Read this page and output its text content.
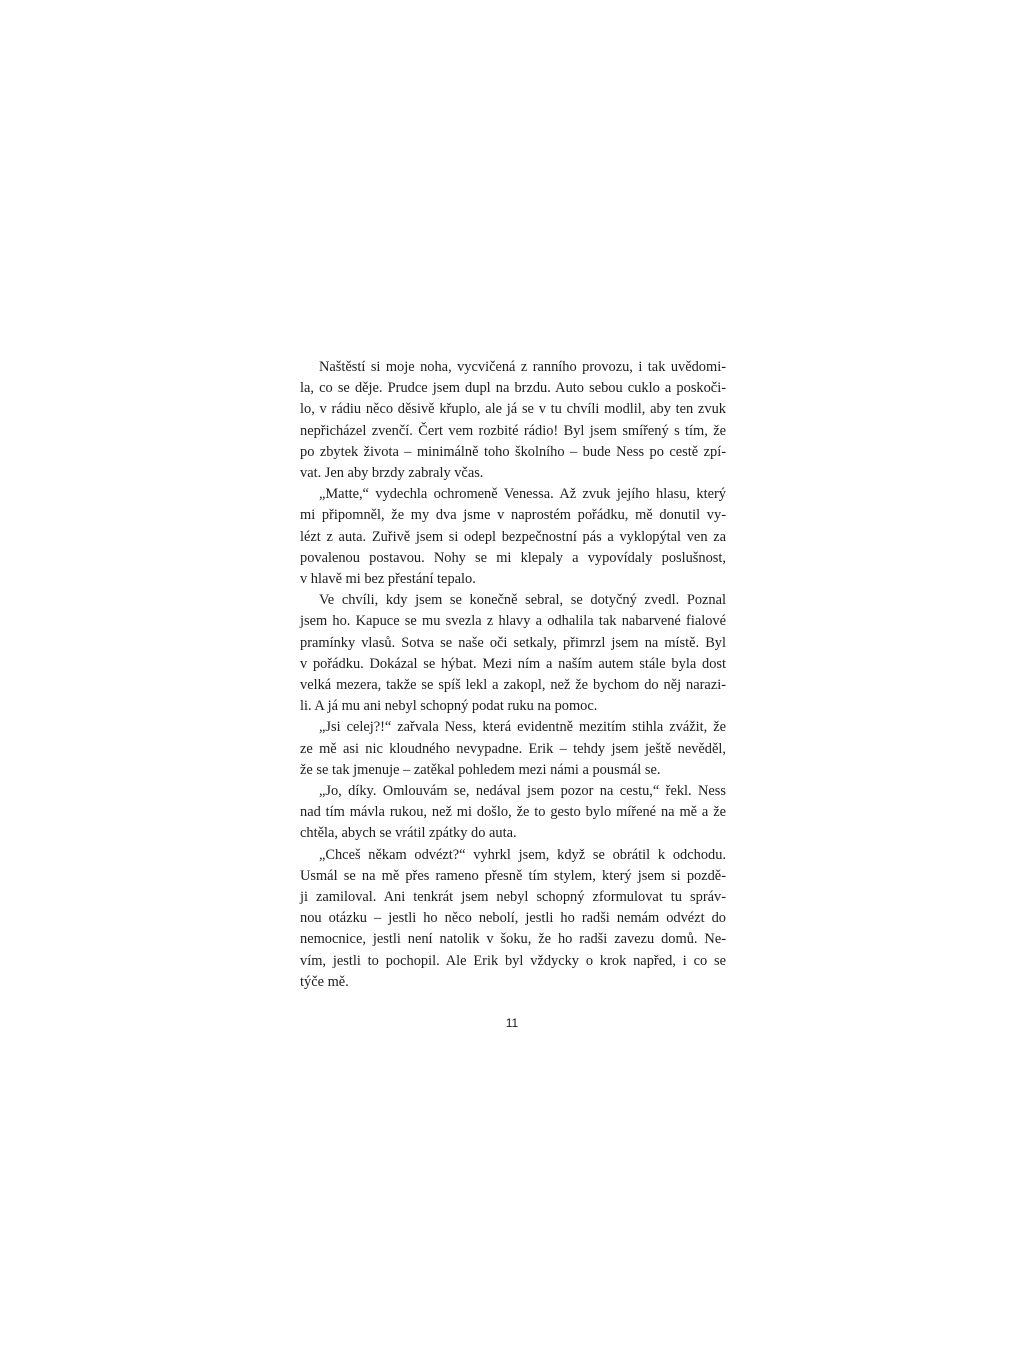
Naštěstí si moje noha, vycvičená z ranního provozu, i tak uvědomi-
la, co se děje. Prudce jsem dupl na brzdu. Auto sebou cuklo a poskoči-
lo, v rádiu něco děsivě křuplo, ale já se v tu chvíli modlil, aby ten zvuk
nepřicházel zvenčí. Čert vem rozbité rádio! Byl jsem smířený s tím, že
po zbytek života – minimálně toho školního – bude Ness po cestě zpí-
vat. Jen aby brzdy zabraly včas.
„Matte,“ vydechla ochromeně Venessa. Až zvuk jejího hlasu, který
mi připomněl, že my dva jsme v naprostém pořádku, mě donutil vy-
lézt z auta. Zuřivě jsem si odepl bezpečnostní pás a vyklopýtal ven za
povalenou postavou. Nohy se mi klepaly a vypovídaly poslušnost,
v hlavě mi bez přestání tepalo.
Ve chvíli, kdy jsem se konečně sebral, se dotyčný zvedl. Poznal
jsem ho. Kapuce se mu svezla z hlavy a odhalila tak nabarvené fialové
pramínky vlasů. Sotva se naše oči setkaly, přimrzl jsem na místě. Byl
v pořádku. Dokázal se hýbat. Mezi ním a naším autem stále byla dost
velká mezera, takže se spíš lekl a zakopl, než že bychom do něj narazi-
li. A já mu ani nebyl schopný podat ruku na pomoc.
„Jsi celej?!“ zařvala Ness, která evidentně mezitím stihla zvážit, že
ze mě asi nic kloudného nevypadne. Erik – tehdy jsem ještě nevěděl,
že se tak jmenuje – zatěkal pohledem mezi námi a pousmál se.
„Jo, díky. Omlouvám se, nedával jsem pozor na cestu,“ řekl. Ness
nad tím mávla rukou, než mi došlo, že to gesto bylo mířené na mě a že
chtěla, abych se vrátil zpátky do auta.
„Chceš někam odvézt?“ vyhrkl jsem, když se obrátil k odchodu.
Usmál se na mě přes rameno přesně tím stylem, který jsem si pozdě-
ji zamiloval. Ani tenkrát jsem nebyl schopný zformulovat tu správ-
nou otázku – jestli ho něco nebolí, jestli ho radši nemám odvézt do
nemocnice, jestli není natolik v šoku, že ho radši zavezu domů. Ne-
vím, jestli to pochopil. Ale Erik byl vždycky o krok napřed, i co se
týče mě.
11
